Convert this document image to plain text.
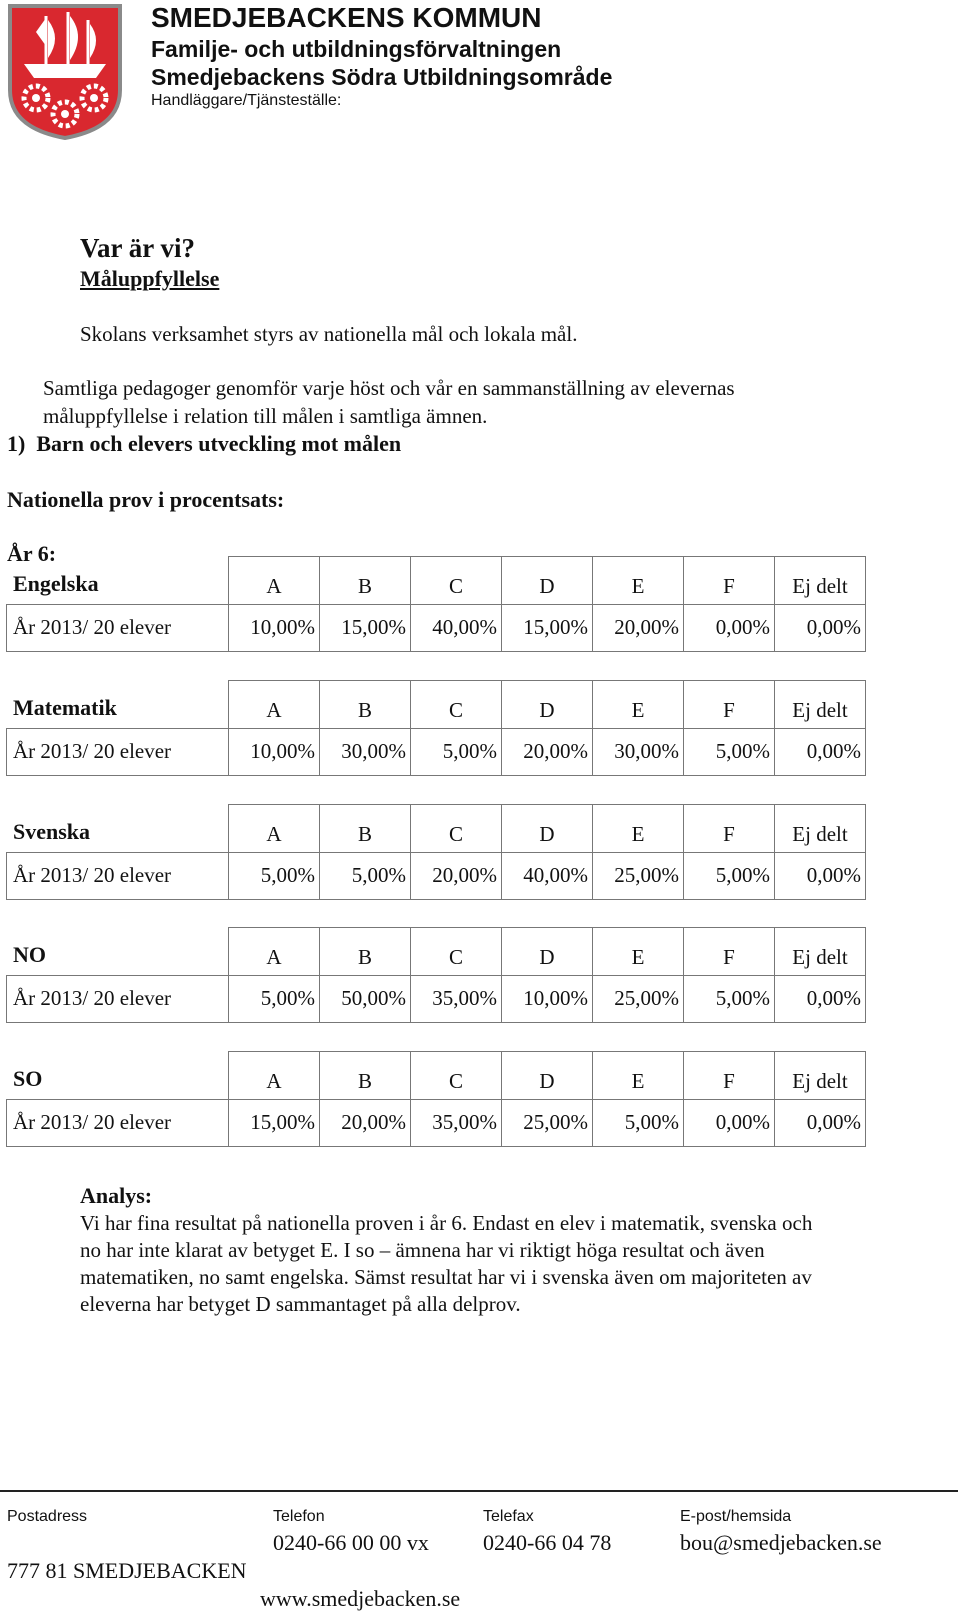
SMEDJEBACKENS KOMMUN
Familje- och utbildningsförvaltningen
Smedjebackens Södra Utbildningsområde
Handläggare/Tjänsteställe:
Var är vi?
Måluppfyllelse
Skolans verksamhet styrs av nationella mål och lokala mål.
Samtliga pedagoger genomför varje höst och vår en sammanställning av elevernas
måluppfyllelse i relation till målen i samtliga ämnen.
1)  Barn och elevers utveckling mot målen
Nationella prov i procentsats:
År 6:
Engelska	A	B	C	D	E	F	Ej delt
År 2013/ 20 elever	10,00%	15,00%	40,00%	15,00%	20,00%	0,00%	0,00%
Matematik	A	B	C	D	E	F	Ej delt
År 2013/ 20 elever	10,00%	30,00%	5,00%	20,00%	30,00%	5,00%	0,00%
Svenska	A	B	C	D	E	F	Ej delt
År 2013/ 20 elever	5,00%	5,00%	20,00%	40,00%	25,00%	5,00%	0,00%
NO	A	B	C	D	E	F	Ej delt
År 2013/ 20 elever	5,00%	50,00%	35,00%	10,00%	25,00%	5,00%	0,00%
SO	A	B	C	D	E	F	Ej delt
År 2013/ 20 elever	15,00%	20,00%	35,00%	25,00%	5,00%	0,00%	0,00%
Analys:
Vi har fina resultat på nationella proven i år 6. Endast en elev i matematik, svenska och
no har inte klarat av betyget E. I so – ämnena har vi riktigt höga resultat och även
matematiken, no samt engelska. Sämst resultat har vi i svenska även om majoriteten av
eleverna har betyget D sammantaget på alla delprov.
Postadress	Telefon	Telefax	E-post/hemsida
0240-66 00 00 vx 0240-66 04 78	bou@smedjebacken.se
777 81 SMEDJEBACKEN
www.smedjebacken.se
